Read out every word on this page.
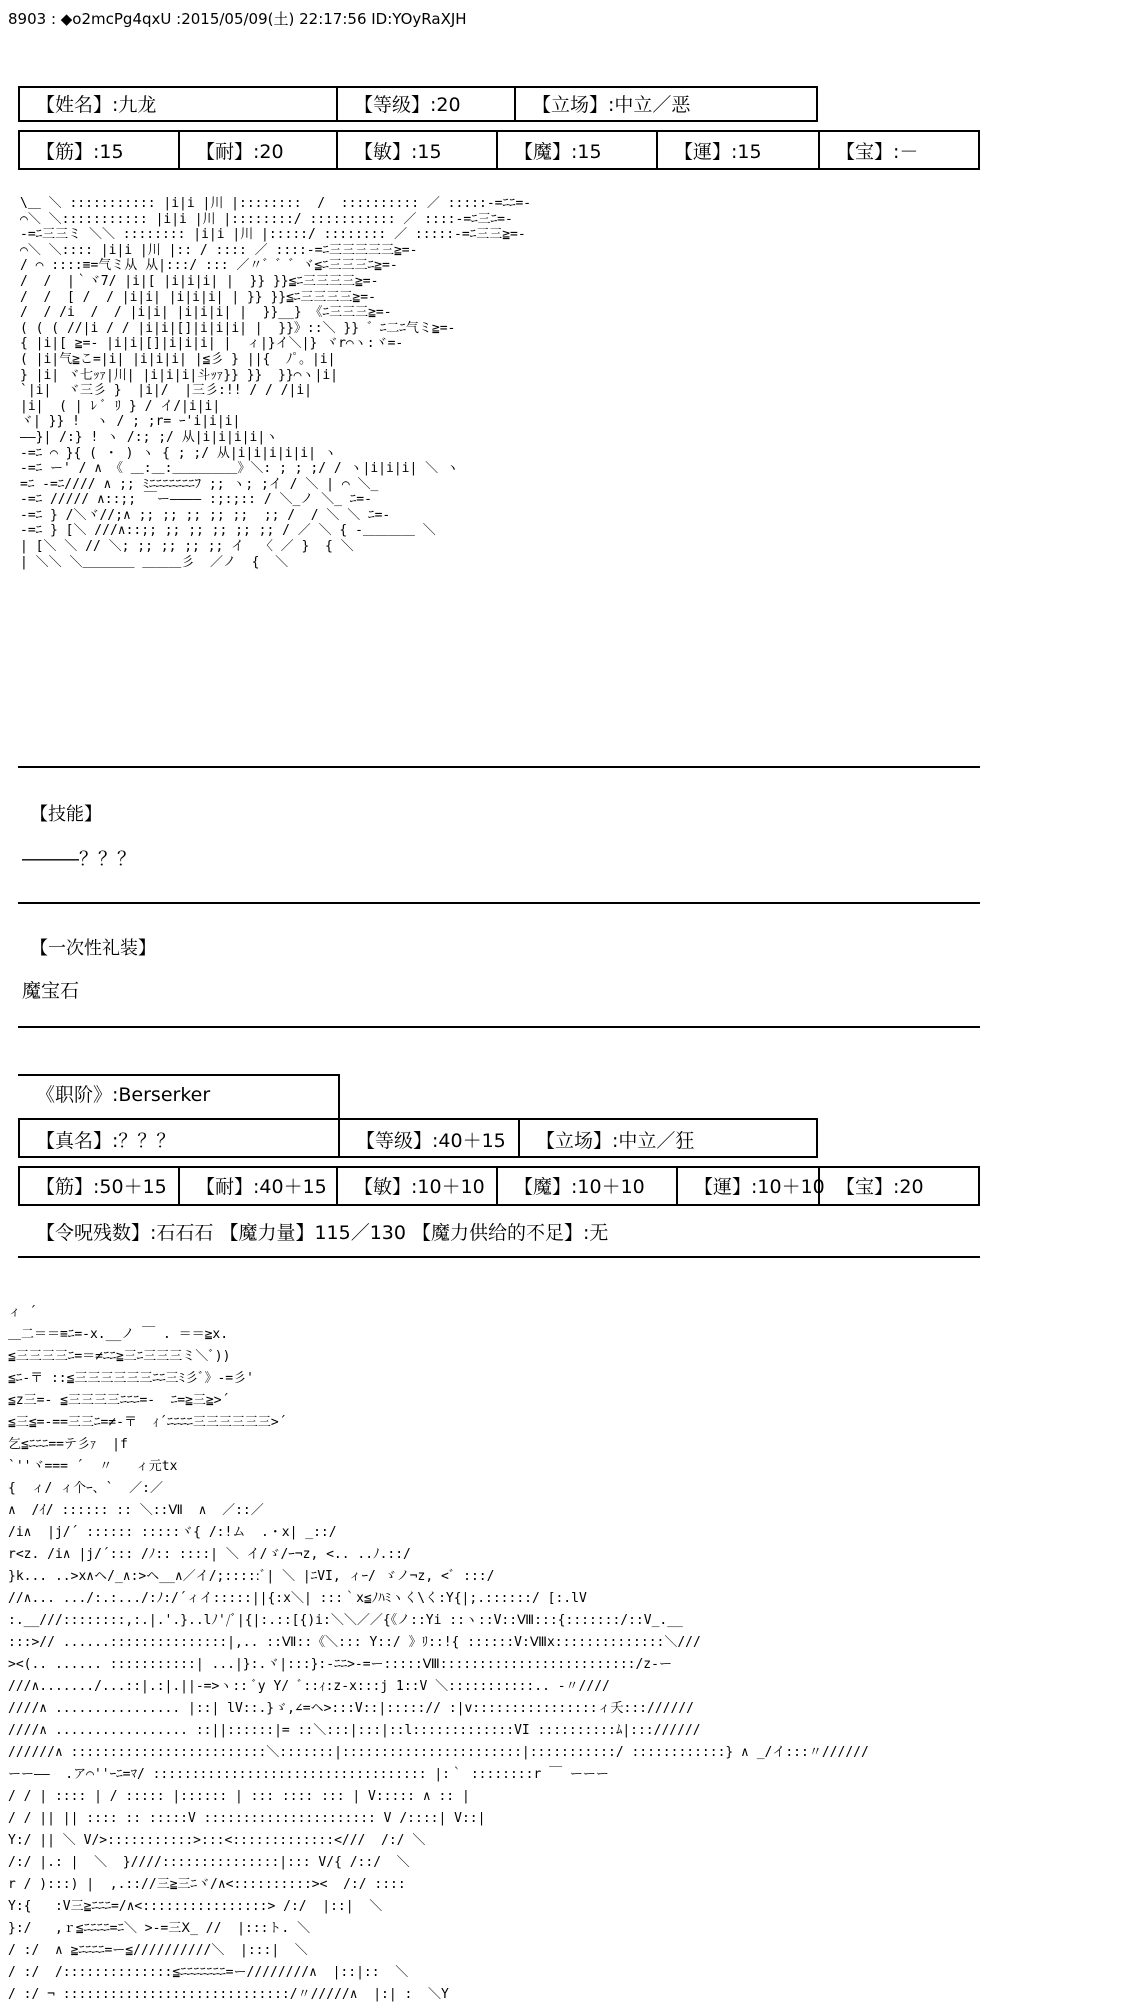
8903 : ◆o2mcPg4qxU :2015/05/09(土) 22:17:56 ID:YOyRaXJH
【姓名】:九龙	【等级】:20	【立场】:中立／恶
【筋】:15	【耐】:20	【敏】:15	【魔】:15	【運】:15	【宝】:－
\＿ ＼ ::::::::::: |i|i |川 |::::::::  /  :::::::::: ／ :::::-=ﾆﾆ=-
⌒＼ ＼::::::::::: |i|i |川 |::::::::/ ::::::::::: ／ ::::-=ﾆ三ﾆ=-
-=ﾆ三三ミ ＼＼ :::::::: |i|i |川 |:::::/ :::::::: ／ :::::-=ﾆ三三≧=-
⌒＼ ＼:::: |i|i |川 |:: / :::: ／ ::::-=ﾆ三三三三三≧=-
/ ⌒ ::::≡=气ミ从 从|:::/ ::: ／〃゛゛゛ヾ≦ﾆ三三三ﾆ≧=-
/  /  |｀ヾ7/ |i|[ |i|i|i| |  }} }}≦ﾆ三三三三≧=-
/  /  [ /  / |i|i| |i|i|i| | }} }}≦ﾆ三三三三≧=-
/  / /i  /  / |i|i| |i|i|i| |  }}__} 《ﾆ三三三≧=-
( ( ( //|i / / |i|i|[]|i|i|i| |  }}》::＼ }} ゛ﾆ二ﾆ气ミ≧=-
{ |i|[ ≧=- |i|i|[]|i|i|i| |  ィ|}イ＼|} ヾr⌒ヽ:ヾ=-
( |i|气≧こ=|i| |i|i|i| |≦彡 } ||{  ﾉﾟ。|i|
} |i| ヾ七ｯｧ|川| |i|i|i|斗ｯｧ}} }}  }}⌒ヽ|i|
`|i|  ヾ三彡 }  |i|/  |三彡:!! / / /|i|
|i|  ( | ﾚ ﾞ ﾘ } / イ/|i|i|
ヾ| }} !  ヽ / ; ;r= ｰ'i|i|i|
――}| /:} ! ヽ /:; ;/ 从|i|i|i|i|ヽ
-=ﾆ ⌒ }{ ( ・ ) ヽ { ; ;/ 从|i|i|i|i|i| ヽ
-=ﾆ ー' / ∧ 《 ＿:＿:＿＿＿＿＿》＼: ; ; ;/ / ヽ|i|i|i| ＼ ヽ
=ﾆ -=ﾆ//// ∧ ;; ﾐﾆﾆﾆﾆﾆﾆﾆﾌ ;; ヽ; ;イ / ＼ | ⌒ ＼_
-=ﾆ ///// ∧::;; ￣ー―――― :;:;:: / ＼_ノ ＼_ ﾆ=-
-=ﾆ } /＼ヾ//;∧ ;; ;; ;; ;; ;;  ;; /  / ＼ ＼ ﾆ=-
-=ﾆ } [＼ ///∧::;; ;; ;; ;; ;; ;; / ／ ＼ { ‐＿＿＿＿ ＼
| [＼ ＼ // ＼; ;; ;; ;; ;; イ  〈 ／ }  { ＼
| ＼＼ ＼＿＿＿＿ ＿＿＿彡  ／ノ  {  ＼

【技能】
―――？？？
【一次性礼装】
魔宝石
《职阶》:Berserker
【真名】:？？？	【等级】:40＋15	【立场】:中立／狂
【筋】:50＋15	【耐】:40＋15	【敏】:10＋10	【魔】:10＋10	【運】:10＋10 【宝】:20
【令呪残数】:石石石 【魔力量】115／130 【魔力供给的不足】:无
ィ ´
＿二＝＝≡ﾆ=-x.__ノ ￣ . ＝＝≧x.
≦三三三三ﾆ=＝≠ﾆﾆ≧三ﾆ三三三ミ＼ﾞ))
≦ﾆ-〒 ::≦三三三三三三ﾆﾆ三ﾐ彡ﾞ》-=彡'
≦z三=- ≦三三三三ﾆﾆﾆ=-  ﾆ=≧三≧>´
≦三≦=-==三三ﾆ=≠-〒  ｨ´ﾆﾆﾆﾆ三三三三三三>´
乞≦ﾆﾆﾆ==テ彡ｧ  |f
`''ヾ=== ´  〃   ィ元tx
{  ィ/ ィ个ｰ、`  ／:／
∧  /ｲ/ :::::: :: ＼::Ⅶ  ∧  ／::／
/i∧  |j/´ :::::: :::::ヾ{ /:!ム  .・x| _::/
r<z. /i∧ |j/´::: /ﾉ:: ::::| ＼ イ/ゞ/ｰ¬z, <.. ..ﾉ.::/
}k... ..>x∧ヘ/_∧:>ヘ__∧／イ/;:::::ﾞ| ＼ |ﾆVI, ィｰ/ ゞノ¬z, <ﾞ :::/
//∧... .../:.:.../:ﾉ:/´ィイ:::::||{:x＼| :::｀x≦ﾉﾊﾐヽく\く:Y{|;.::::::/ [:.lV
:.__///::::::::,:.|.'.}..lﾉ'/ﾞ|{|:.::[{)i:＼＼／／{《ノ::Yi ::ヽ::V::Ⅷ:::{:::::::/::V_.__
:::>// ......:::::::::::::::|,.. ::Ⅶ::《＼::: Y::/ 》ﾘ::!{ ::::::V:Ⅷx::::::::::::::＼///
><(.. ...... :::::::::::| ...|}:.ヾ|:::}:-ﾆﾆ>-=ー:::::Ⅷ:::::::::::::::::::::::::/z-ー
///∧......./...::|.:|.||-=>ヽ:: ﾞy Y/ ﾞ::ｨ:z-x:::j 1::V ＼:::::::::::.. -〃////
////∧ ................ |::| lV::.}ゞ,∠=ヘ>:::V::|:::::// :|v::::::::::::::::ィ夭::://////
////∧ ................. ::||::::::|= ::＼:::|:::|::l:::::::::::::VI ::::::::::ﾑ|::://////
//////∧ :::::::::::::::::::::::::＼:::::::|:::::::::::::::::::::::|:::::::::::/ ::::::::::::} ∧ _/イ:::〃//////
ーー――  .ア⌒''ｰﾆ=ﾏ/ ::::::::::::::::::::::::::::::::::: |:｀ ::::::::r ￣ ーーー
/ / | :::: | / ::::: |:::::: | ::: :::: ::: | V::::: ∧ :: |
/ / || || :::: :: :::::V :::::::::::::::::::::: V /::::| V::|
Y:/ || ＼ V/>:::::::::::>:::<:::::::::::::<///  /:/ ＼
/:/ |.: |  ＼  }////:::::::::::::::|::: V/{ /::/  ＼
r / ):::) |  ,.:://三≧三ﾆヾ/∧<::::::::::><  /:/ ::::
Y:{   :V三≧ﾆﾆﾆ=/∧<::::::::::::::::> /:/  |::|  ＼
}:/   ,ｒ≦ﾆﾆﾆﾆ=ﾆ＼ >-=三Ⅹ_ //  |:::ト. ＼
/ :/  ∧ ≧ﾆﾆﾆﾆ=ー≦//////////＼  |:::|  ＼
/ :/  /::::::::::::::≦ﾆﾆﾆﾆﾆﾆﾆ=ー////////∧  |::|::  ＼
/ :/ ¬ :::::::::::::::::::::::::::::/〃/////∧  |:| :  ＼Y
